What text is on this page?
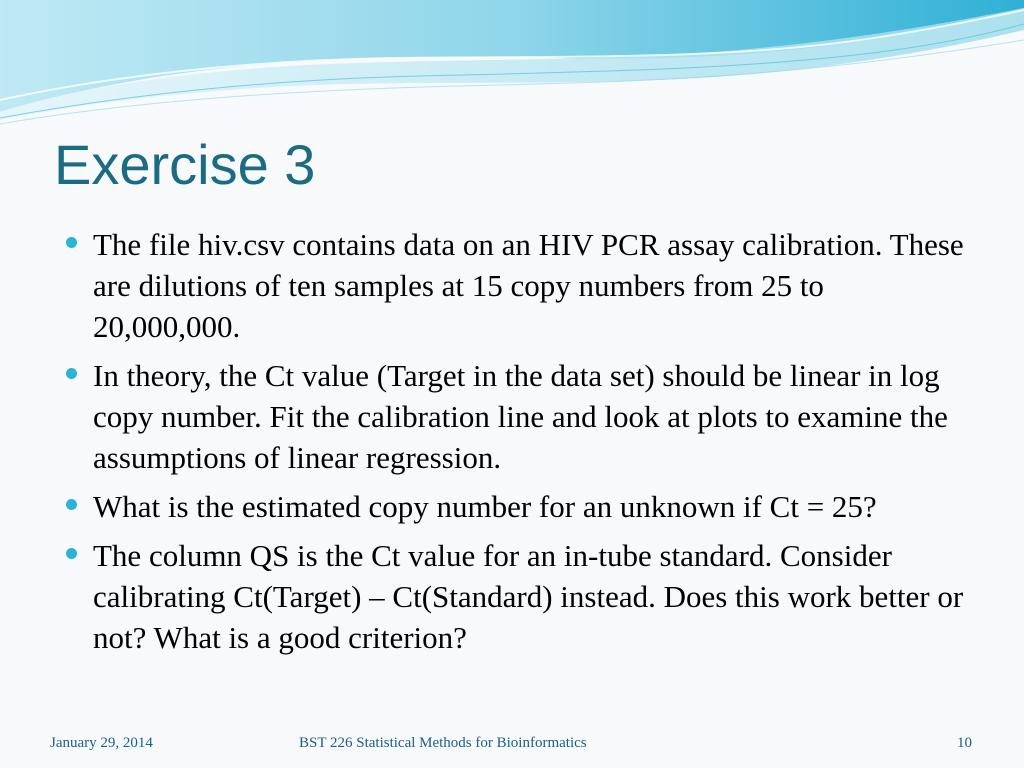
Exercise 3
The file hiv.csv contains data on an HIV PCR assay calibration. These are dilutions of ten samples at 15 copy numbers from 25 to 20,000,000.
In theory, the Ct value (Target in the data set) should be linear in log copy number. Fit the calibration line and look at plots to examine the assumptions of linear regression.
What is the estimated copy number for an unknown if Ct = 25?
The column QS is the Ct value for an in-tube standard. Consider calibrating Ct(Target) – Ct(Standard) instead. Does this work better or not? What is a good criterion?
January 29, 2014	BST 226 Statistical Methods for Bioinformatics	10
